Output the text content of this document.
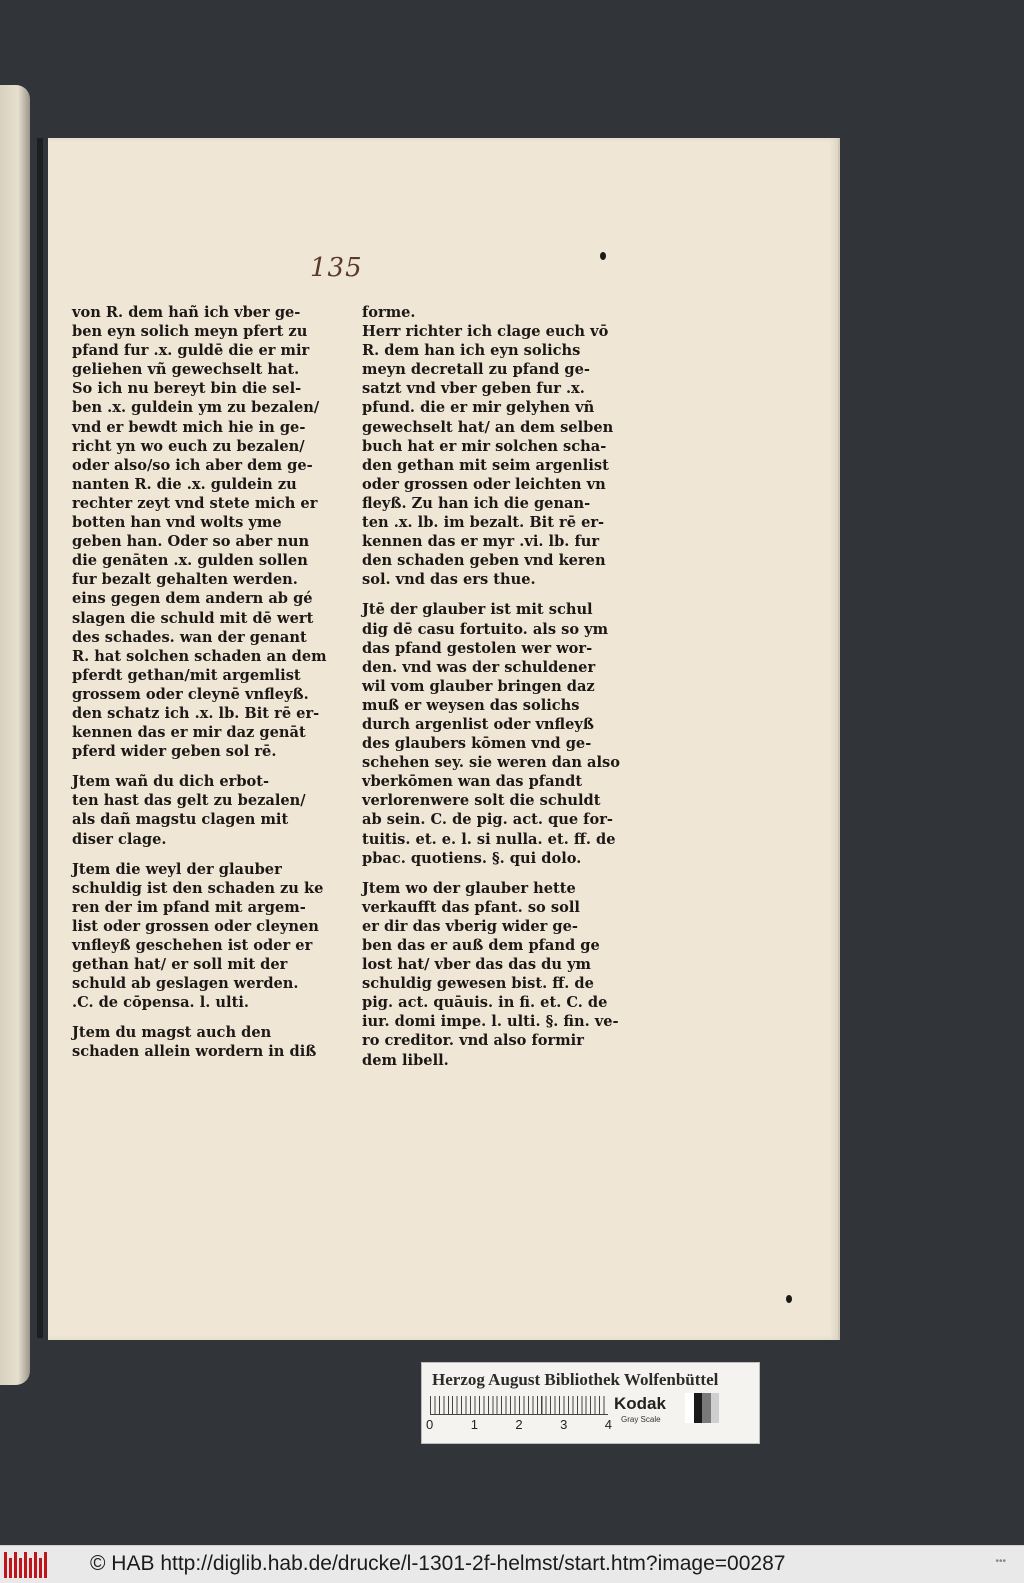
135
von R. dem hañ ich vber ge-
ben eyn solich meyn pfert zu
pfand fur .x. guldē die er mir
geliehen vñ gewechselt hat.
So ich nu bereyt bin die sel-
ben .x. guldein ym zu bezalen/
vnd er bewdt mich hie in ge-
richt yn wo euch zu bezalen/
oder also/so ich aber dem ge-
nanten R. die .x. guldein zu
rechter zeyt vnd stete mich er
botten han vnd wolts yme
geben han. Oder so aber nun
die genāten .x. gulden sollen
fur bezalt gehalten werden.
eins gegen dem andern ab gé
slagen die schuld mit dē wert
des schades. wan der genant
R. hat solchen schaden an dem
pferdt gethan/mit argemlist
grossem oder cleynē vnfleyß.
den schatz ich .x. lb. Bit rē er-
kennen das er mir daz genāt
pferd wider geben sol rē.
Jtem wañ du dich erbot-
ten hast das gelt zu bezalen/
als dañ magstu clagen mit
diser clage.
Jtem die weyl der glauber
schuldig ist den schaden zu ke
ren der im pfand mit argem-
list oder grossen oder cleynen
vnfleyß geschehen ist oder er
gethan hat/ er soll mit der
schuld ab geslagen werden.
.C. de cōpensa. l. ulti.
Jtem du magst auch den
schaden allein wordern in diß
forme.
Herr richter ich clage euch vō
R. dem han ich eyn solichs
meyn decretall zu pfand ge-
satzt vnd vber geben fur .x.
pfund. die er mir gelyhen vñ
gewechselt hat/ an dem selben
buch hat er mir solchen scha-
den gethan mit seim argenlist
oder grossen oder leichten vn
fleyß. Zu han ich die genan-
ten .x. lb. im bezalt. Bit rē er-
kennen das er myr .vi. lb. fur
den schaden geben vnd keren
sol. vnd das ers thue.
Jtē der glauber ist mit schul
dig dē casu fortuito. als so ym
das pfand gestolen wer wor-
den. vnd was der schuldener
wil vom glauber bringen daz
muß er weysen das solichs
durch argenlist oder vnfleyß
des glaubers kōmen vnd ge-
schehen sey. sie weren dan also
vberkōmen wan das pfandt
verlorenwere solt die schuldt
ab sein. C. de pig. act. que for-
tuitis. et. e. l. si nulla. et. ff. de
pbac. quotiens. §. qui dolo.
Jtem wo der glauber hette
verkaufft das pfant. so soll
er dir das vberig wider ge-
ben das er auß dem pfand ge
lost hat/ vber das das du ym
schuldig gewesen bist. ff. de
pig. act. quāuis. in fi. et. C. de
iur. domi impe. l. ulti. §. fin. ve-
ro creditor. vnd also formir
dem libell.
Herzog August Bibliothek Wolfenbüttel
0	1	2	3	4
Kodak
Gray Scale
© HAB http://diglib.hab.de/drucke/l-1301-2f-helmst/start.htm?image=00287	•••
